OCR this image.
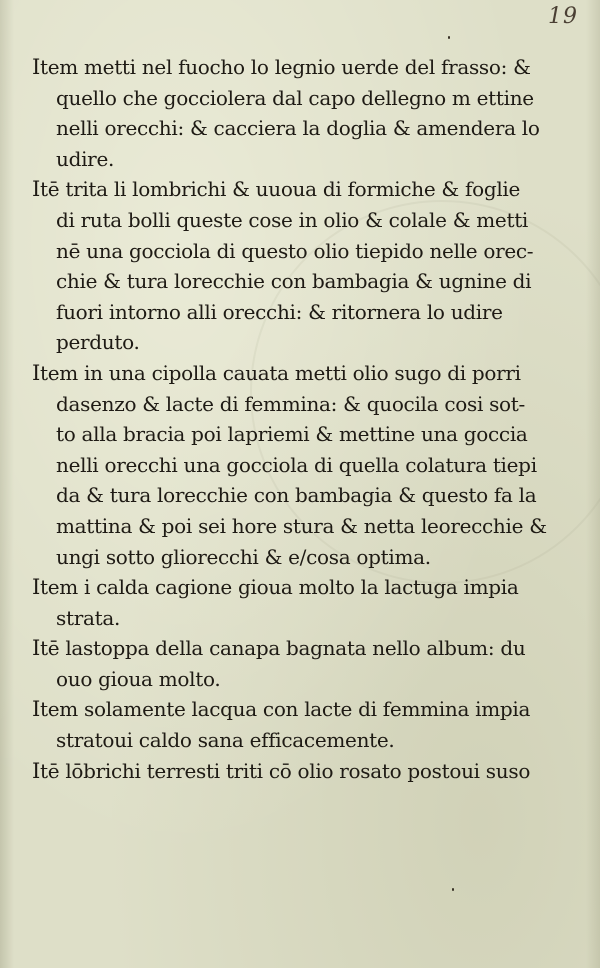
19
Item metti nel fuocho lo legnio uerde del frasso: &
quello che gocciolera dal capo dellegno m ettine
nelli orecchi: & cacciera la doglia & amendera lo
udire.
Itē trita li lombrichi & uuoua di formiche & foglie
di ruta bolli queste cose in olio & colale & metti
nē una gocciola di questo olio tiepido nelle orec-
chie & tura lorecchie con bambagia & ugnine di
fuori intorno alli orecchi: & ritornera lo udire
perduto.
Item in una cipolla cauata metti olio sugo di porri
dasenzo & lacte di femmina: & quocila cosi sot-
to alla bracia poi lapriemi & mettine una goccia
nelli orecchi una gocciola di quella colatura tiepi
da & tura lorecchie con bambagia & questo fa la
mattina & poi sei hore stura & netta leorecchie &
ungi sotto gliorecchi & e/cosa optima.
Item i calda cagione gioua molto la lactuga impia
strata.
Itē lastoppa della canapa bagnata nello album: du
ouo gioua molto.
Item solamente lacqua con lacte di femmina impia
stratoui caldo sana efficacemente.
Itē lōbrichi terresti triti cō olio rosato postoui suso
